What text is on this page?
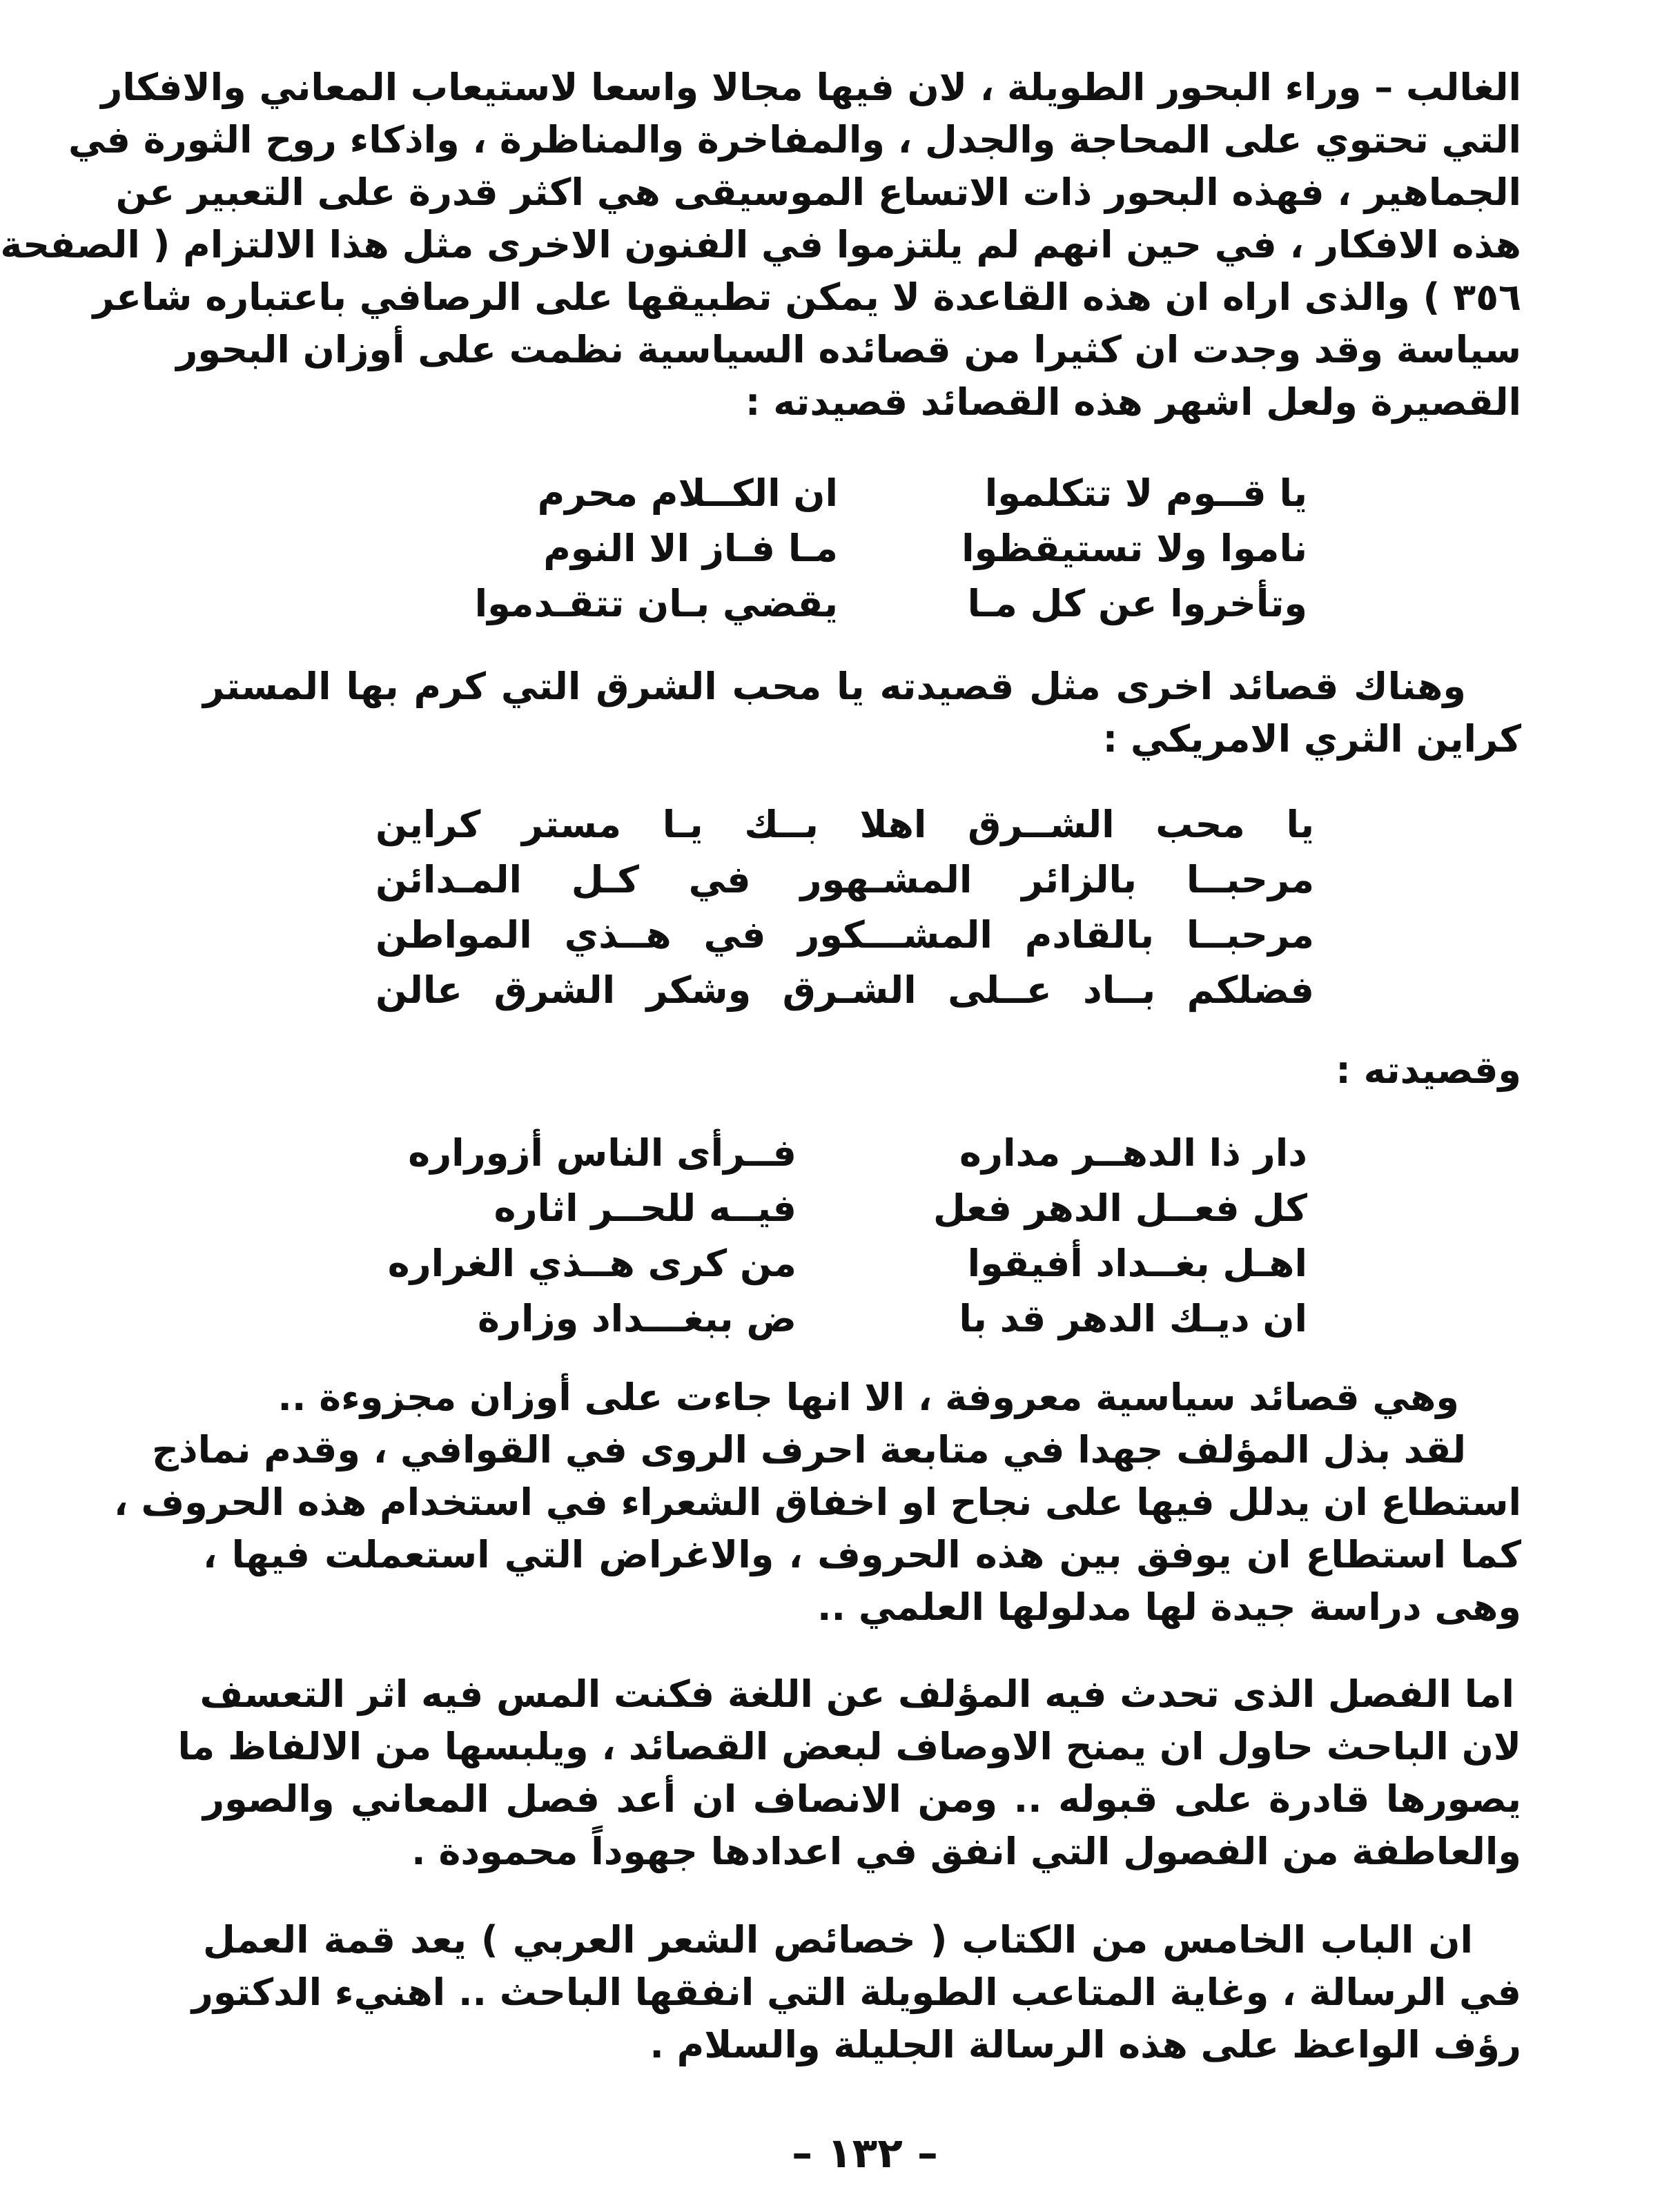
الغالب – وراء البحور الطويلة ، لان فيها مجالا واسعا لاستيعاب المعاني والافكار
التي تحتوي على المحاجة والجدل ، والمفاخرة والمناظرة ، واذكاء روح الثورة في
الجماهير ، فهذه البحور ذات الاتساع الموسيقى هي اكثر قدرة على التعبير عن
هذه الافكار ، في حين انهم لم يلتزموا في الفنون الاخرى مثل هذا الالتزام ( الصفحة
٣٥٦ ) والذى اراه ان هذه القاعدة لا يمكن تطبيقها على الرصافي باعتباره شاعر
سياسة وقد وجدت ان كثيرا من قصائده السياسية نظمت على أوزان البحور
القصيرة ولعل اشهر هذه القصائد قصيدته :
يا قــوم لا تتكلموا
ان الكــلام محرم
ناموا ولا تستيقظوا
مـا فـاز الا النوم
وتأخروا عن كل مـا
يقضي بـان تتقـدموا
وهناك قصائد اخرى مثل قصيدته يا محب الشرق التي كرم بها المستر
كراين الثري الامريكي :
يا محب الشــرق اهلا بــك يـا مستر كراين
مرحبــا بالزائر المشـهور في كـل المـدائن
مرحبــا بالقادم المشـــكور في هــذي المواطن
فضلكم بــاد عــلى الشـرق وشكر الشرق عالن
وقصيدته :
دار ذا الدهــر مداره
فــرأى الناس أزوراره
كل فعــل الدهر فعل
فيــه للحــر اثاره
اهـل بغــداد أفيقوا
من كرى هــذي الغراره
ان ديـك الدهر قد با
ض ببغـــداد وزارة
وهي قصائد سياسية معروفة ، الا انها جاءت على أوزان مجزوءة ..
لقد بذل المؤلف جهدا في متابعة احرف الروى في القوافي ، وقدم نماذج
استطاع ان يدلل فيها على نجاح او اخفاق الشعراء في استخدام هذه الحروف ،
كما استطاع ان يوفق بين هذه الحروف ، والاغراض التي استعملت فيها ،
وهى دراسة جيدة لها مدلولها العلمي ..
اما الفصل الذى تحدث فيه المؤلف عن اللغة فكنت المس فيه اثر التعسف
لان الباحث حاول ان يمنح الاوصاف لبعض القصائد ، ويلبسها من الالفاظ ما
يصورها قادرة على قبوله .. ومن الانصاف ان أعد فصل المعاني والصور
والعاطفة من الفصول التي انفق في اعدادها جهوداً محمودة .
ان الباب الخامس من الكتاب ( خصائص الشعر العربي ) يعد قمة العمل
في الرسالة ، وغاية المتاعب الطويلة التي انفقها الباحث .. اهنيء الدكتور
رؤف الواعظ على هذه الرسالة الجليلة والسلام .
– ١٣٢ –
